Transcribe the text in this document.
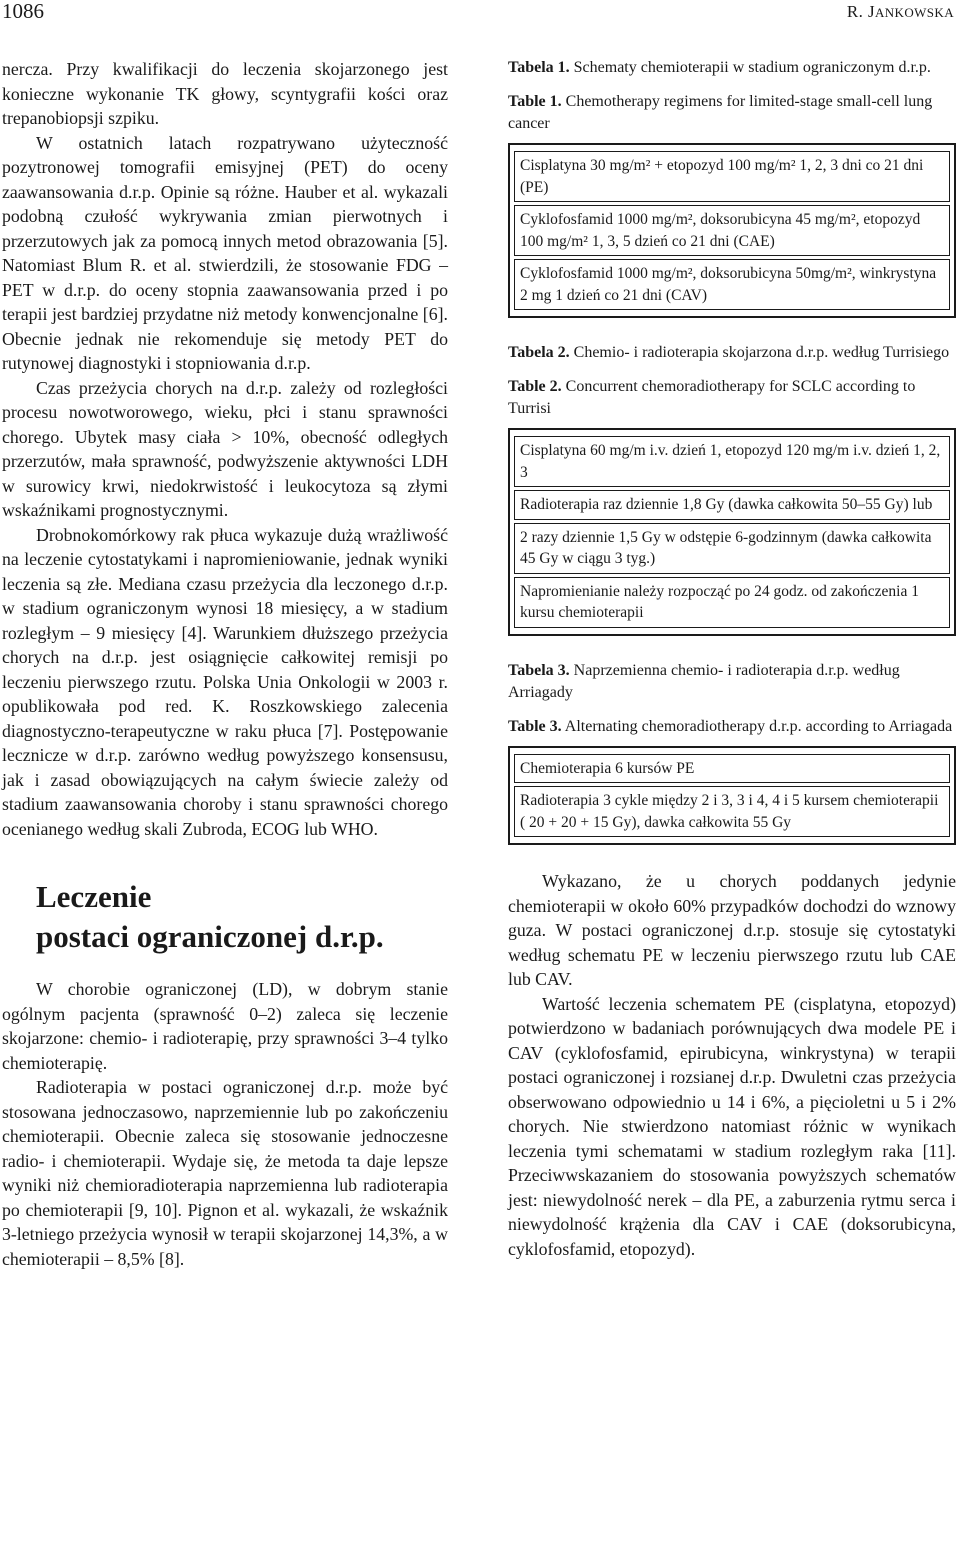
1086	R. JANKOWSKA

nercza. Przy kwalifikacji do leczenia skojarzonego jest konieczne wykonanie TK głowy, scyntygrafii kości oraz trepanobiopsji szpiku.

W ostatnich latach rozpatrywano użyteczność pozytronowej tomografii emisyjnej (PET) do oceny zaawansowania d.r.p. Opinie są różne. Hauber et al. wykazali podobną czułość wykrywania zmian pierwotnych i przerzutowych jak za pomocą innych metod obrazowania [5]. Natomiast Blum R. et al. stwierdzili, że stosowanie FDG – PET w d.r.p. do oceny stopnia zaawansowania przed i po terapii jest bardziej przydatne niż metody konwencjonalne [6]. Obecnie jednak nie rekomenduje się metody PET do rutynowej diagnostyki i stopniowania d.r.p.

Czas przeżycia chorych na d.r.p. zależy od rozległości procesu nowotworowego, wieku, płci i stanu sprawności chorego. Ubytek masy ciała > 10%, obecność odległych przerzutów, mała sprawność, podwyższenie aktywności LDH w surowicy krwi, niedokrwistość i leukocytoza są złymi wskaźnikami prognostycznymi.

Drobnokomórkowy rak płuca wykazuje dużą wrażliwość na leczenie cytostatykami i napromieniowanie, jednak wyniki leczenia są złe. Mediana czasu przeżycia dla leczonego d.r.p. w stadium ograniczonym wynosi 18 miesięcy, a w stadium rozległym – 9 miesięcy [4]. Warunkiem dłuższego przeżycia chorych na d.r.p. jest osiągnięcie całkowitej remisji po leczeniu pierwszego rzutu. Polska Unia Onkologii w 2003 r. opublikowała pod red. K. Roszkowskiego zalecenia diagnostyczno-terapeutyczne w raku płuca [7]. Postępowanie lecznicze w d.r.p. zarówno według powyższego konsensusu, jak i zasad obowiązujących na całym świecie zależy od stadium zaawansowania choroby i stanu sprawności chorego ocenianego według skali Zubroda, ECOG lub WHO.

Leczenie
postaci ograniczonej d.r.p.

W chorobie ograniczonej (LD), w dobrym stanie ogólnym pacjenta (sprawność 0–2) zaleca się leczenie skojarzone: chemio- i radioterapię, przy sprawności 3–4 tylko chemioterapię.

Radioterapia w postaci ograniczonej d.r.p. może być stosowana jednoczasowo, naprzemiennie lub po zakończeniu chemioterapii. Obecnie zaleca się stosowanie jednoczesne radio- i chemioterapii. Wydaje się, że metoda ta daje lepsze wyniki niż chemioradioterapia naprzemienna lub radioterapia po chemioterapii [9, 10]. Pignon et al. wykazali, że wskaźnik 3-letniego przeżycia wynosił w terapii skojarzonej 14,3%, a w chemioterapii – 8,5% [8].

Tabela 1. Schematy chemioterapii w stadium ograniczonym d.r.p.

Table 1. Chemotherapy regimens for limited-stage small-cell lung cancer

Cisplatyna 30 mg/m² + etopozyd 100 mg/m² 1, 2, 3 dni co 21 dni (PE)
Cyklofosfamid 1000 mg/m², doksorubicyna 45 mg/m², etopozyd 100 mg/m² 1, 3, 5 dzień co 21 dni (CAE)
Cyklofosfamid 1000 mg/m², doksorubicyna 50mg/m², winkrystyna 2 mg 1 dzień co 21 dni (CAV)

Tabela 2. Chemio- i radioterapia skojarzona d.r.p. według Turrisiego

Table 2. Concurrent chemoradiotherapy for SCLC according to Turrisi

Cisplatyna 60 mg/m i.v. dzień 1, etopozyd 120 mg/m i.v. dzień 1, 2, 3
Radioterapia raz dziennie 1,8 Gy (dawka całkowita 50–55 Gy) lub
2 razy dziennie 1,5 Gy w odstępie 6-godzinnym (dawka całkowita 45 Gy w ciągu 3 tyg.)
Napromienianie należy rozpocząć po 24 godz. od zakończenia 1 kursu chemioterapii

Tabela 3. Naprzemienna chemio- i radioterapia d.r.p. według Arriagady

Table 3. Alternating chemoradiotherapy d.r.p. according to Arriagada

Chemioterapia 6 kursów PE
Radioterapia 3 cykle między 2 i 3, 3 i 4, 4 i 5 kursem chemioterapii ( 20 + 20 + 15 Gy), dawka całkowita 55 Gy

Wykazano, że u chorych poddanych jedynie chemioterapii w około 60% przypadków dochodzi do wznowy guza. W postaci ograniczonej d.r.p. stosuje się cytostatyki według schematu PE w leczeniu pierwszego rzutu lub CAE lub CAV.

Wartość leczenia schematem PE (cisplatyna, etopozyd) potwierdzono w badaniach porównujących dwa modele PE i CAV (cyklofosfamid, epirubicyna, winkrystyna) w terapii postaci ograniczonej i rozsianej d.r.p. Dwuletni czas przeżycia obserwowano odpowiednio u 14 i 6%, a pięcioletni u 5 i 2% chorych. Nie stwierdzono natomiast różnic w wynikach leczenia tymi schematami w stadium rozległym raka [11]. Przeciwwskazaniem do stosowania powyższych schematów jest: niewydolność nerek – dla PE, a zaburzenia rytmu serca i niewydolność krążenia dla CAV i CAE (doksorubicyna, cyklofosfamid, etopozyd).
